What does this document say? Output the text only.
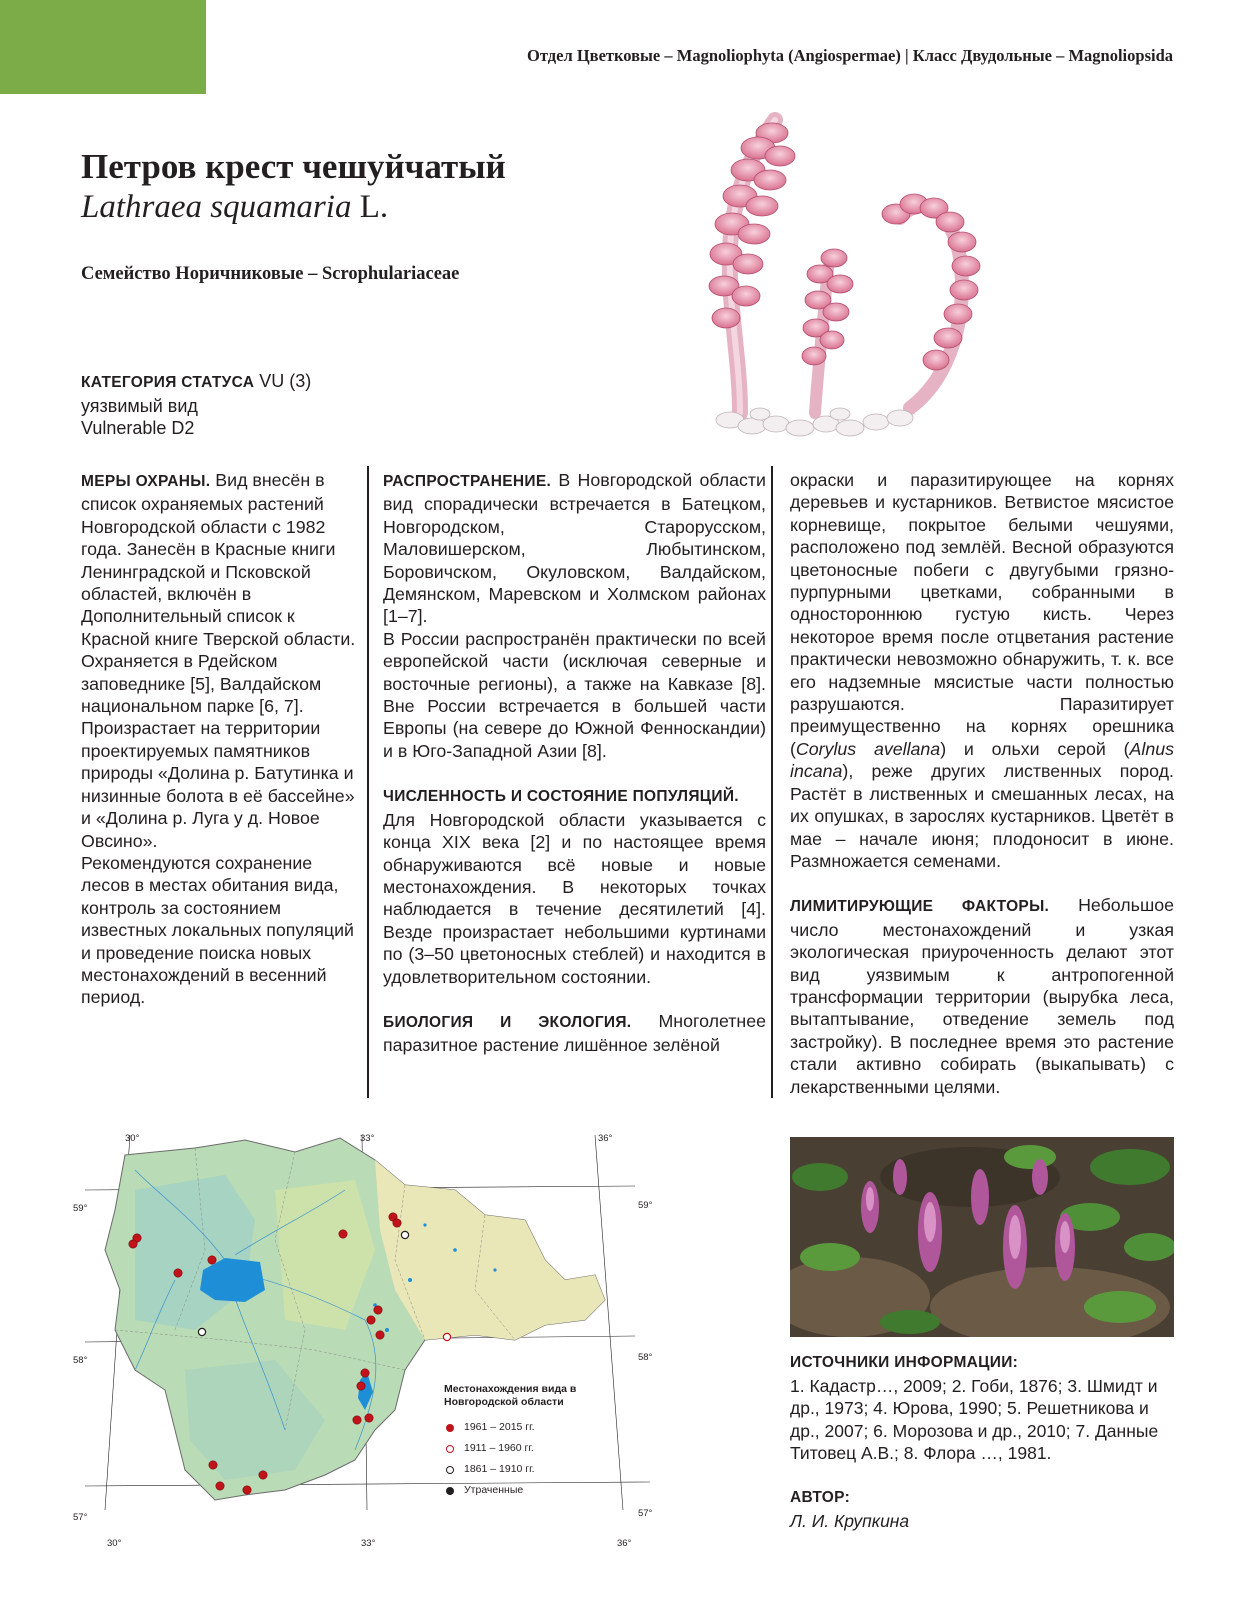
Отдел Цветковые – Magnoliophyta (Angiospermae) | Класс Двудольные – Magnoliopsida
Петров крест чешуйчатый
Lathraea squamaria L.
Семейство Норичниковые – Scrophulariaceae
КАТЕГОРИЯ СТАТУСА VU (3)
уязвимый вид
Vulnerable D2

МЕРЫ ОХРАНЫ. Вид внесён в список охраняемых растений Новгородской области с 1982 года. Занесён в Красные книги Ленинградской и Псковской областей, включён в Дополнительный список к Красной книге Тверской области. Охраняется в Рдейском заповеднике [5], Валдайском национальном парке [6, 7]. Произрастает на территории проектируемых памятников природы «Долина р. Батутинка и низинные болота в её бассейне» и «Долина р. Луга у д. Новое Овсино».

Рекомендуются сохранение лесов в местах обитания вида, контроль за состоянием известных локальных популяций и проведение поиска новых местонахождений в весенний период.

РАСПРОСТРАНЕНИЕ. В Новгородской области вид спорадически встречается в Батецком, Новгородском, Старорусском, Маловишерском, Любытинском, Боровичском, Окуловском, Валдайском, Демянском, Маревском и Холмском районах [1–7].

В России распространён практически по всей европейской части (исключая северные и восточные регионы), а также на Кавказе [8]. Вне России встречается в большей части Европы (на севере до Южной Фенноскандии) и в Юго-Западной Азии [8].

ЧИСЛЕННОСТЬ И СОСТОЯНИЕ ПОПУЛЯЦИЙ.
Для Новгородской области указывается с конца XIX века [2] и по настоящее время обнаруживаются всё новые и новые местонахождения. В некоторых точках наблюдается в течение десятилетий [4]. Везде произрастает небольшими куртинами по (3–50 цветоносных стеблей) и находится в удовлетворительном состоянии.

БИОЛОГИЯ И ЭКОЛОГИЯ. Многолетнее паразитное растение лишённое зелёной

окраски и паразитирующее на корнях деревьев и кустарников. Ветвистое мясистое корневище, покрытое белыми чешуями, расположено под землёй. Весной образуются цветоносные побеги с двугубыми грязно-пурпурными цветками, собранными в одностороннюю густую кисть. Через некоторое время после отцветания растение практически невозможно обнаружить, т. к. все его надземные мясистые части полностью разрушаются. Паразитирует преимущественно на корнях орешника (Corylus avellana) и ольхи серой (Alnus incana), реже других лиственных пород. Растёт в лиственных и смешанных лесах, на их опушках, в зарослях кустарников. Цветёт в мае – начале июня; плодоносит в июне. Размножается семенами.

ЛИМИТИРУЮЩИЕ ФАКТОРЫ. Небольшое число местонахождений и узкая экологическая приуроченность делают этот вид уязвимым к антропогенной трансформации территории (вырубка леса, вытаптывание, отведение земель под застройку). В последнее время это растение стали активно собирать (выкапывать) с лекарственными целями.

30°	33°	36°
30°	33°	36°
59°
58°
57°
59°
58°
57°
Местонахождения вида в Новгородской области
1961 – 2015 гг.
1911 – 1960 гг.
1861 – 1910 гг.
Утраченные

ИСТОЧНИКИ ИНФОРМАЦИИ:

1. Кадастр…, 2009; 2. Гоби, 1876; 3. Шмидт и др., 1973; 4. Юрова, 1990; 5. Решетникова и др., 2007; 6. Морозова и др., 2010; 7. Данные Титовец А.В.; 8. Флора …, 1981.

АВТОР:
Л. И. Крупкина
